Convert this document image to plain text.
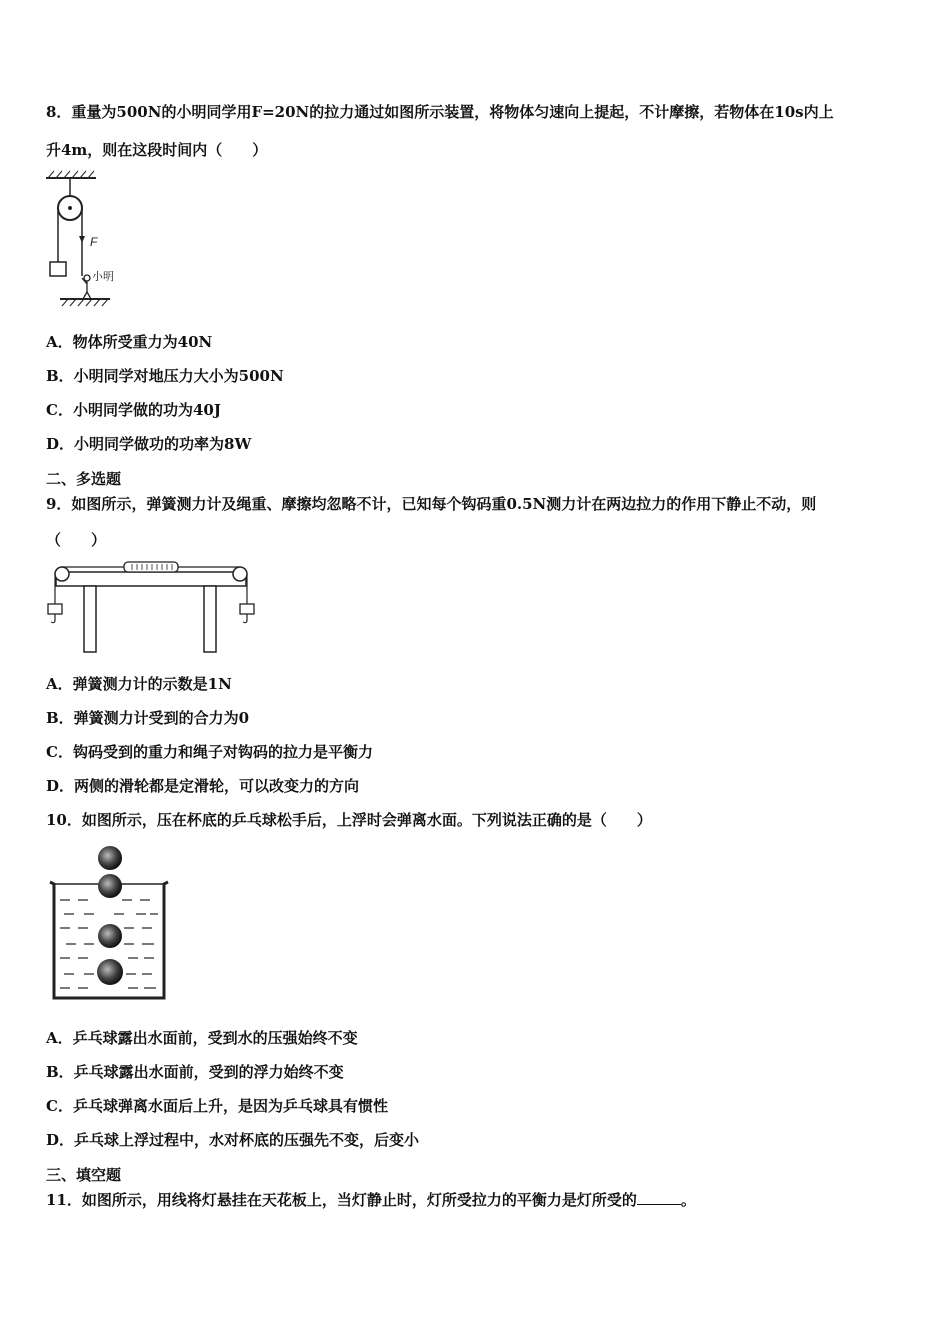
8．重量为500N的小明同学用F=20N的拉力通过如图所示装置，将物体匀速向上提起，不计摩擦，若物体在10s内上
升4m，则在这段时间内（　　）
F
小明
A．物体所受重力为40N
B．小明同学对地压力大小为500N
C．小明同学做的功为40J
D．小明同学做功的功率为8W
二、多选题
9．如图所示，弹簧测力计及绳重、摩擦均忽略不计，已知每个钩码重0.5N测力计在两边拉力的作用下静止不动，则
（　　）
A．弹簧测力计的示数是1N
B．弹簧测力计受到的合力为0
C．钩码受到的重力和绳子对钩码的拉力是平衡力
D．两侧的滑轮都是定滑轮，可以改变力的方向
10．如图所示，压在杯底的乒乓球松手后，上浮时会弹离水面。下列说法正确的是（　　）
A．乒乓球露出水面前，受到水的压强始终不变
B．乒乓球露出水面前，受到的浮力始终不变
C．乒乓球弹离水面后上升，是因为乒乓球具有惯性
D．乒乓球上浮过程中，水对杯底的压强先不变，后变小
三、填空题
11．如图所示，用线将灯悬挂在天花板上，当灯静止时，灯所受拉力的平衡力是灯所受的	。
